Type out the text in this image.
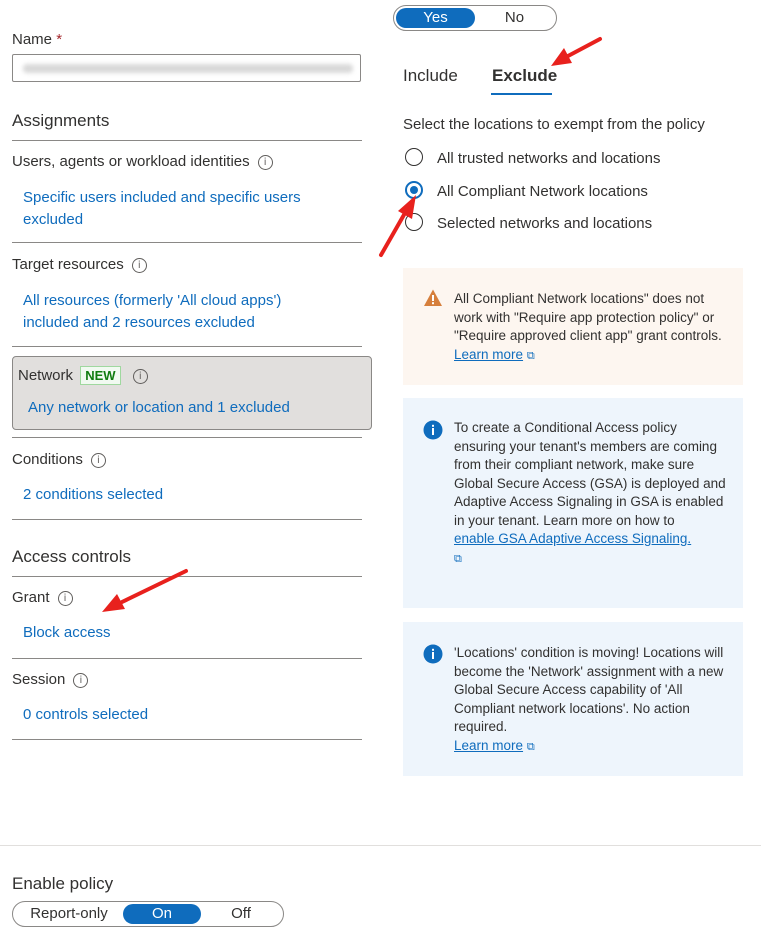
Name *
Assignments
Users, agents or workload identities i
Specific users included and specific users excluded
Target resources i
All resources (formerly 'All cloud apps') included and 2 resources excluded
Network NEW i
Any network or location and 1 excluded
Conditions i
2 conditions selected
Access controls
Grant i
Block access
Session i
0 controls selected
Yes	No
Include Exclude
Select the locations to exempt from the policy
All trusted networks and locations
All Compliant Network locations
Selected networks and locations
All Compliant Network locations" does not work with "Require app protection policy" or "Require approved client app" grant controls. Learn more ⧉
To create a Conditional Access policy ensuring your tenant's members are coming from their compliant network, make sure Global Secure Access (GSA) is deployed and Adaptive Access Signaling in GSA is enabled in your tenant. Learn more on how to
enable GSA Adaptive Access Signaling.
⧉
'Locations' condition is moving! Locations will become the 'Network' assignment with a new Global Secure Access capability of 'All Compliant network locations'. No action required.
Learn more ⧉
Enable policy
Report-only	On	Off
